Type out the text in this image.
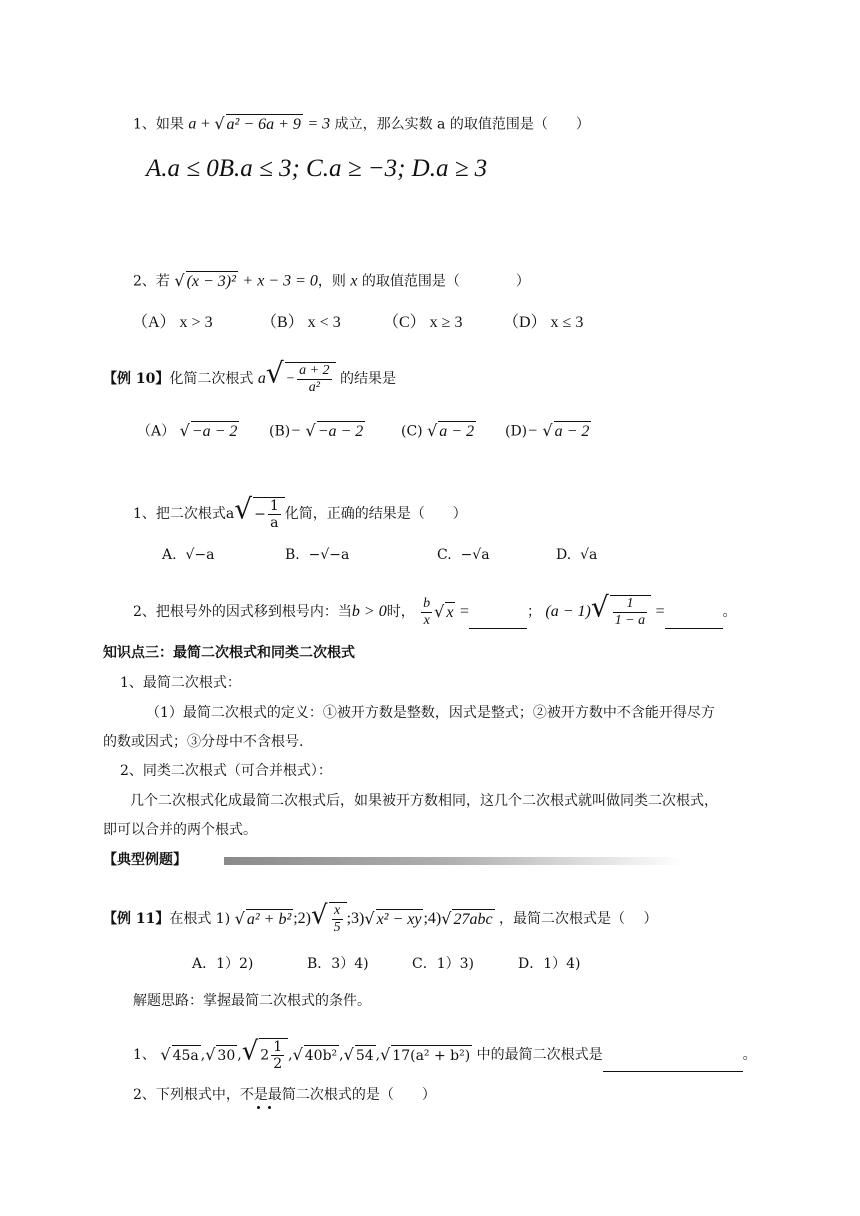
1、如果 a + √ a² − 6a + 9 = 3 成立，那么实数 a 的取值范围是（　　）
A.a ≤ 0B.a ≤ 3; C.a ≥ −3; D.a ≥ 3
2、若 √ (x − 3)² + x − 3 = 0，则 x 的取值范围是（　　　　）
（A） x > 3	（B） x < 3	（C） x ≥ 3	（D） x ≤ 3
【例 10】化简二次根式 $a√ - \frac{a + 2}{\text{a²}}$ 的结果是
（A） √ −a − 2 (B)− √ −a − 2	(C) √ a − 2 (D)− √ a − 2
1、把二次根式$a√ - \frac{1}{a}$ 化简，正确的结果是（　　）
A. √−a	B. −√−a	C. −√a	D. √a
2、把根号外的因式移到根号内：当b > 0时， $\frac{b}{x}$ √ x =	； $(a - 1)√ \frac{1}{1 - a}$ =	。
知识点三：最简二次根式和同类二次根式
1、最简二次根式：
（1）最简二次根式的定义：①被开方数是整数，因式是整式；②被开方数中不含能开得尽方
的数或因式；③分母中不含根号.
2、同类二次根式（可合并根式）：
几个二次根式化成最简二次根式后，如果被开方数相同，这几个二次根式就叫做同类二次根式，
即可以合并的两个根式。
【典型例题】
【例 11】在根式 1) √ a² + b² ;2)√ $\frac{x}{5}$ ;3)√ x² − xy ;4)√ 27abc ，最简二次根式是（　 ）
A．1）2)	B．3）4)	C．1）3)	D．1）4)
解题思路：掌握最简二次根式的条件。
1、 √ 45a ,√ 30 ,√ $2 \frac{1}{2}$ ,√ 40b² ,√ 54 ,√ 17(a² + b²) 中的最简二次根式是	。
2、下列根式中，不是最简二次根式的是（　　）
